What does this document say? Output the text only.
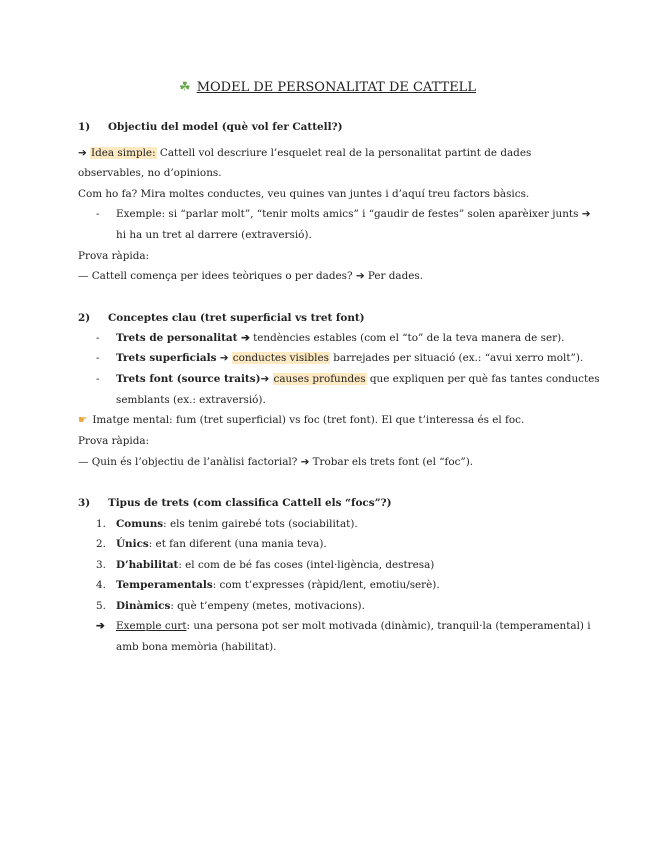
☘ MODEL DE PERSONALITAT DE CATTELL
1) Objectiu del model (què vol fer Cattell?)
➔ Idea simple: Cattell vol descriure l’esquelet real de la personalitat partint de dades
observables, no d’opinions.
Com ho fa? Mira moltes conductes, veu quines van juntes i d’aquí treu factors bàsics.
- Exemple: si “parlar molt”, “tenir molts amics” i “gaudir de festes” solen aparèixer junts ➔
hi ha un tret al darrere (extraversió).
Prova ràpida:
— Cattell comença per idees teòriques o per dades? ➔ Per dades.
2) Conceptes clau (tret superficial vs tret font)
- Trets de personalitat ➔ tendències estables (com el “to” de la teva manera de ser).
- Trets superficials ➔ conductes visibles barrejades per situació (ex.: “avui xerro molt”).
- Trets font (source traits)➔ causes profundes que expliquen per què fas tantes conductes
semblants (ex.: extraversió).
☛ Imatge mental: fum (tret superficial) vs foc (tret font). El que t’interessa és el foc.
Prova ràpida:
— Quin és l’objectiu de l’anàlisi factorial? ➔ Trobar els trets font (el “foc”).
3) Tipus de trets (com classifica Cattell els “focs”?)
1. Comuns: els tenim gairebé tots (sociabilitat).
2. Únics: et fan diferent (una mania teva).
3. D’habilitat: el com de bé fas coses (intel·ligència, destresa)
4. Temperamentals: com t’expresses (ràpid/lent, emotiu/serè).
5. Dinàmics: què t’empeny (metes, motivacions).
➔ Exemple curt: una persona pot ser molt motivada (dinàmic), tranquil·la (temperamental) i
amb bona memòria (habilitat).
